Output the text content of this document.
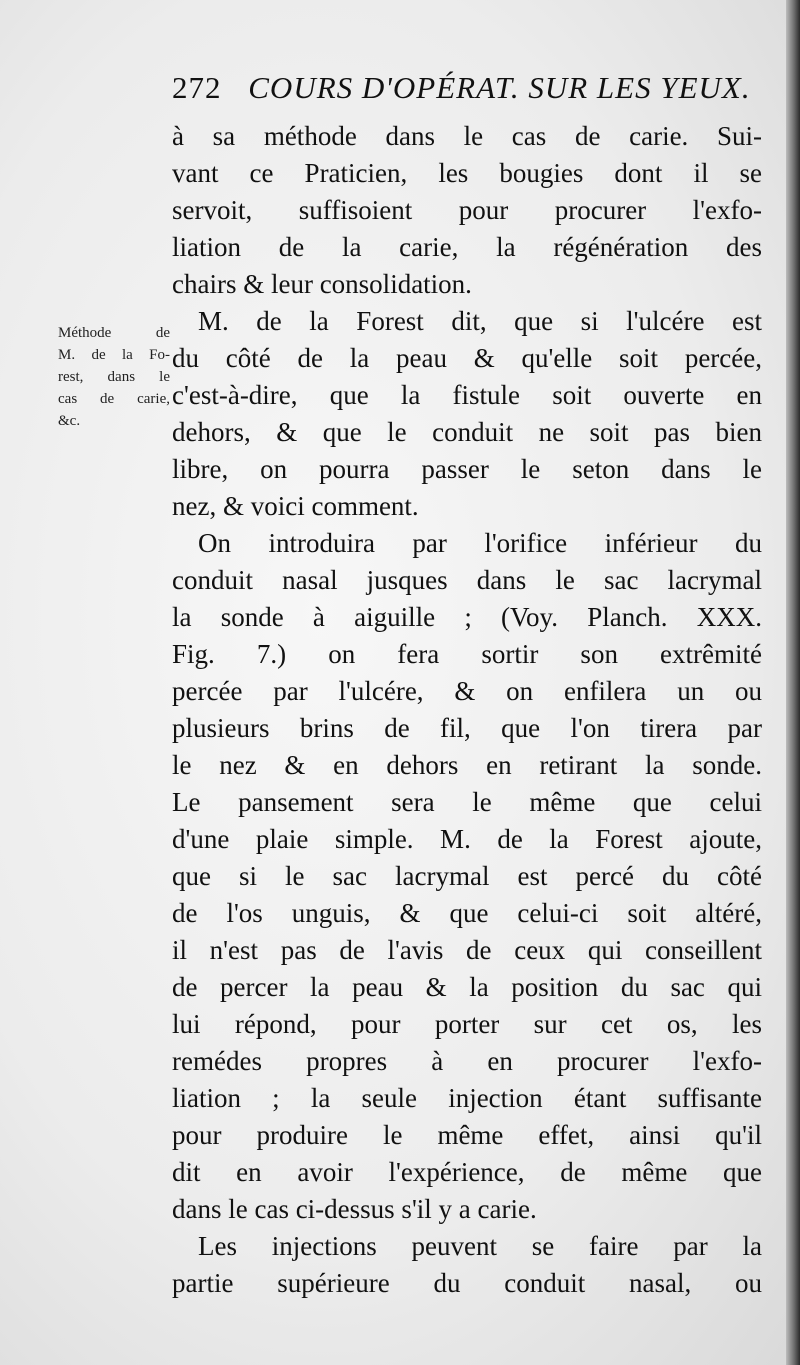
272 COURS D'OPÉRAT. SUR LES YEUX.
Méthode de
M. de la Fo-
rest, dans le
cas de carie,
&c.
à sa méthode dans le cas de carie. Sui-
vant ce Praticien, les bougies dont il se
servoit, suffisoient pour procurer l'exfo-
liation de la carie, la régénération des
chairs & leur consolidation.
M. de la Forest dit, que si l'ulcére est
du côté de la peau & qu'elle soit percée,
c'est-à-dire, que la fistule soit ouverte en
dehors, & que le conduit ne soit pas bien
libre, on pourra passer le seton dans le
nez, & voici comment.
On introduira par l'orifice inférieur du
conduit nasal jusques dans le sac lacrymal
la sonde à aiguille ; (Voy. Planch. XXX.
Fig. 7.) on fera sortir son extrêmité
percée par l'ulcére, & on enfilera un ou
plusieurs brins de fil, que l'on tirera par
le nez & en dehors en retirant la sonde.
Le pansement sera le même que celui
d'une plaie simple. M. de la Forest ajoute,
que si le sac lacrymal est percé du côté
de l'os unguis, & que celui-ci soit altéré,
il n'est pas de l'avis de ceux qui conseillent
de percer la peau & la position du sac qui
lui répond, pour porter sur cet os, les
remédes propres à en procurer l'exfo-
liation ; la seule injection étant suffisante
pour produire le même effet, ainsi qu'il
dit en avoir l'expérience, de même que
dans le cas ci-dessus s'il y a carie.
Les injections peuvent se faire par la
partie supérieure du conduit nasal, ou
